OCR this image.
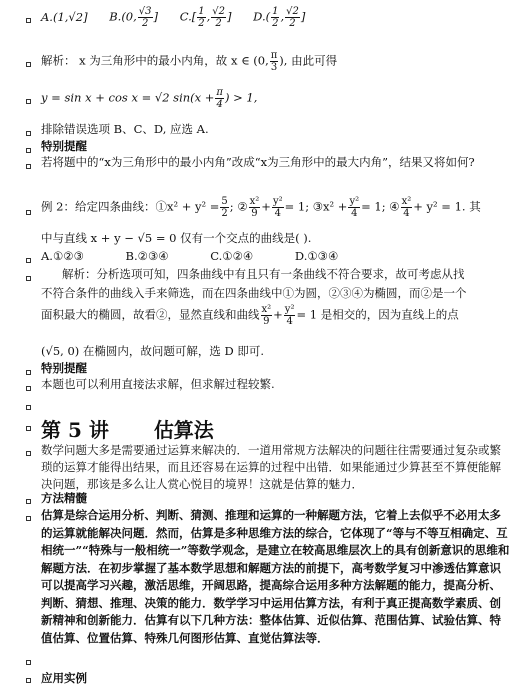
A.(1,√2] B.(0, $\frac{√3}{2}$ ] $C.[ \frac{1}{2}$ , $\frac{√2}{2}$ ] $D.( \frac{1}{2}$ , $\frac{√2}{2}$ ]
解析： x 为三角形中的最小内角，故 x ∈ (0, $\frac{\pi}{3}$ ), 由此可得
y = sin x + cos x = √2 $\sin(x + \frac{\pi}{4}$ ) > 1,
排除错误选项 B、C、D, 应选 A.
特别提醒
若将题中的“x为三角形中的最小内角”改成“x为三角形中的最大内角”，结果又将如何?
例 2：给定四条曲线：①x² + $y^2 = \frac{5}{2}$ ; ② $\frac{\text{x²}}{9} + \frac{\text{y²}}{4} = 1$; ③x² + $\frac{\text{y²}}{4} = 1$; ④ $\frac{\text{x²}}{4} + y^2 = 1$. 其
中与直线 x + y − √5 = 0 仅有一个交点的曲线是( ).
A.①②③	B.②③④	C.①②④	D.①③④
解析：分析选项可知，四条曲线中有且只有一条曲线不符合要求，故可考虑从找
不符合条件的曲线入手来筛选，而在四条曲线中①为圆，②③④为椭圆，而②是一个
面积最大的椭圆，故看②，显然直线和曲线 $\frac{\text{x²}}{9} + \frac{\text{y²}}{4} = 1$ 是相交的，因为直线上的点
(√5, 0) 在椭圆内，故问题可解，选 D 即可.
特别提醒
本题也可以利用直接法求解，但求解过程较繁.
第 5 讲 估算法
数学问题大多是需要通过运算来解决的．一道用常规方法解决的问题往往需要通过复杂或繁琐的运算才能得出结果，而且还容易在运算的过程中出错．如果能通过少算甚至不算便能解决问题，那该是多么让人赏心悦目的境界！这就是估算的魅力．
方法精髓
估算是综合运用分析、判断、猜测、推理和运算的一种解题方法，它着上去似乎不必用太多的运算就能解决问题．然而，估算是多种思维方法的综合，它体现了“等与不等互相确定、互相统一”“特殊与一般相统一”等数学观念，是建立在较高思维层次上的具有创新意识的思维和解题方法．在初步掌握了基本数学思想和解题方法的前提下，高考数学复习中渗透估算意识可以提高学习兴趣，激活思维，开阔思路，提高综合运用多种方法解题的能力，提高分析、判断、猜想、推理、决策的能力．数学学习中运用估算方法，有利于真正提高数学素质、创新精神和创新能力．估算有以下几种方法：整体估算、近似估算、范围估算、试验估算、特值估算、位置估算、特殊几何图形估算、直觉估算法等．
应用实例
